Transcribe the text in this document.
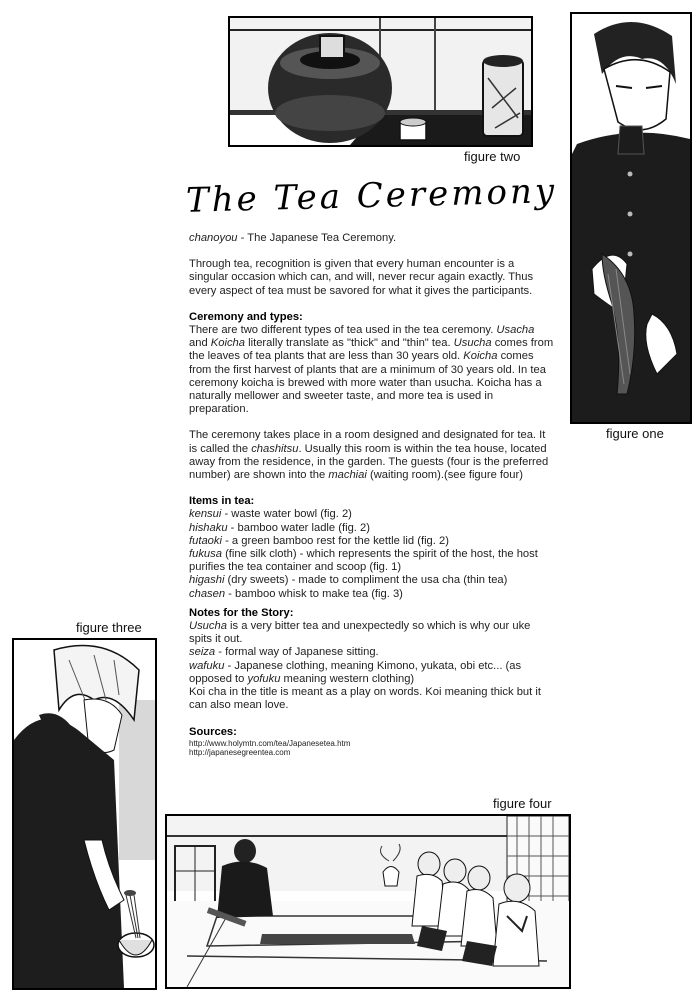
figure two
figure one
The Tea Ceremony

chanoyou - The Japanese Tea Ceremony.

Through tea, recognition is given that every human encounter is a singular occasion which can, and will, never recur again exactly. Thus every aspect of tea must be savored for what it gives the participants.

Ceremony and types:
There are two different types of tea used in the tea ceremony. Usacha and Koicha literally translate as "thick" and "thin" tea. Usucha comes from the leaves of tea plants that are less than 30 years old. Koicha comes from the first harvest of plants that are a minimum of 30 years old. In tea ceremony koicha is brewed with more water than usucha. Koicha has a naturally mellower and sweeter taste, and more tea is used in preparation.

The ceremony takes place in a room designed and designated for tea. It is called the chashitsu. Usually this room is within the tea house, located away from the residence, in the garden. The guests (four is the preferred number) are shown into the machiai (waiting room).(see figure four)

Items in tea:
kensui - waste water bowl (fig. 2)
hishaku - bamboo water ladle (fig. 2)
futaoki - a green bamboo rest for the kettle lid (fig. 2)
fukusa (fine silk cloth) - which represents the spirit of the host, the host purifies the tea container and scoop (fig. 1)
higashi (dry sweets) - made to compliment the usa cha (thin tea)
chasen - bamboo whisk to make tea (fig. 3)
Notes for the Story:
Usucha is a very bitter tea and unexpectedly so which is why our uke spits it out.
seiza - formal way of Japanese sitting.
wafuku - Japanese clothing, meaning Kimono, yukata, obi etc... (as opposed to yofuku meaning western clothing)
Koi cha in the title is meant as a play on words. Koi meaning thick but it can also mean love.
Sources:
http://www.holymtn.com/tea/Japanesetea.htm
http://japanesegreentea.com
figure three
figure four
